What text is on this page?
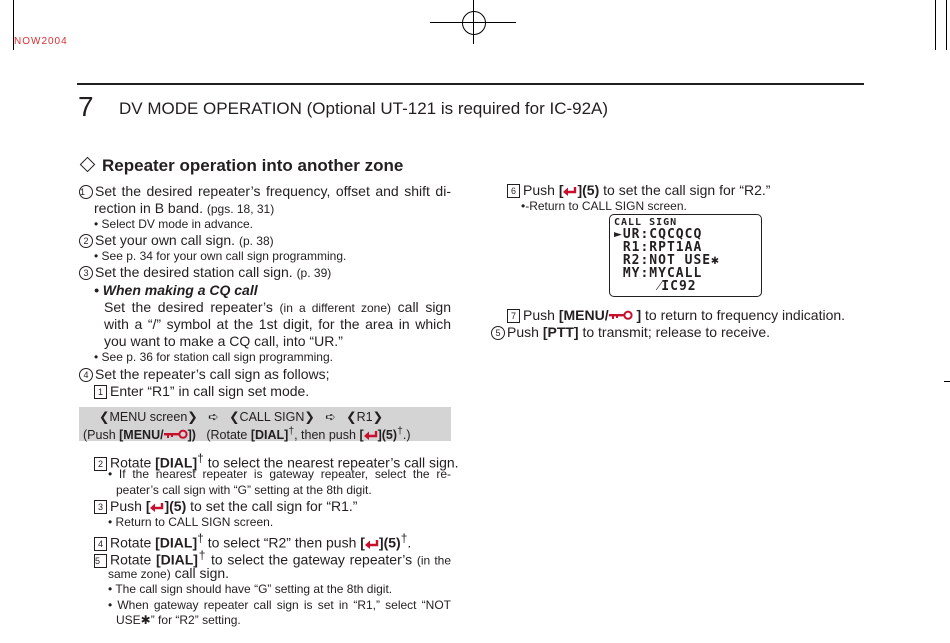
NOW2004
7 DV MODE OPERATION (Optional UT-121 is required for IC-92A)
Repeater operation into another zone
1 Set the desired repeater’s frequency, offset and shift di-
rection in B band. (pgs. 18, 31)
• Select DV mode in advance.
2 Set your own call sign. (p. 38)
• See p. 34 for your own call sign programming.
3 Set the desired station call sign. (p. 39)
• When making a CQ call
Set the desired repeater’s (in a different zone) call sign
with a “/” symbol at the 1st digit, for the area in which
you want to make a CQ call, into “UR.”
• See p. 36 for station call sign programming.
4 Set the repeater’s call sign as follows;
1 Enter “R1” in call sign set mode.
❮MENU screen❯   ➪   ❮CALL SIGN❯   ➪   ❮R1❯
(Push [MENU/ ]) (Rotate [DIAL]†, then push [ ](5)†.)
2 Rotate [DIAL]† to select the nearest repeater’s call sign.
• If the nearest repeater is gateway repeater, select the re-
peater’s call sign with “G” setting at the 8th digit.
3 Push [ ](5) to set the call sign for “R1.”
• Return to CALL SIGN screen.
4 Rotate [DIAL]† to select “R2” then push [ ](5)†.
5 Rotate [DIAL]† to select the gateway repeater’s (in the
same zone) call sign.
• The call sign should have “G” setting at the 8th digit.
• When gateway repeater call sign is set in “R1,” select “NOT
USE✱” for “R2” setting.
6 Push [ ](5) to set the call sign for “R2.”
•-Return to CALL SIGN screen.
CALL SIGN
►UR:CQCQCQ
R1:RPT1AA
R2:NOT USE✱
MY:MYCALL
⁄IC92
7 Push [MENU/ ] to return to frequency indication.
5 Push [PTT] to transmit; release to receive.
